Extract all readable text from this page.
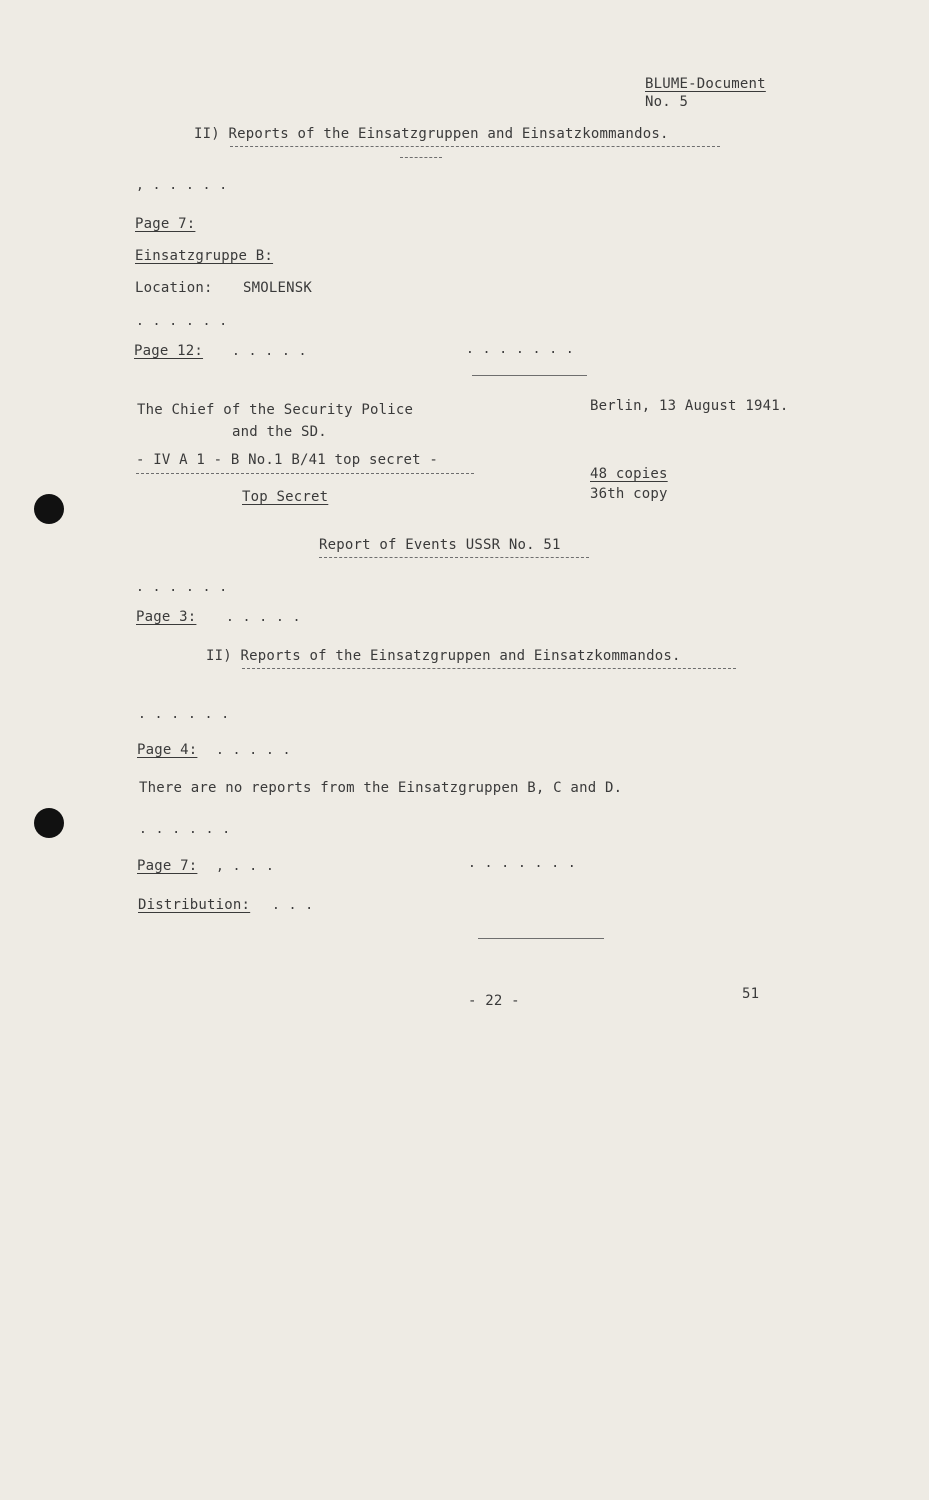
BLUME-Document
No. 5
II) Reports of the Einsatzgruppen and Einsatzkommandos.
, . . . . .
Page 7:
Einsatzgruppe B:
Location: SMOLENSK
. . . . . .
Page 12: . . . . .	. . . . . . .
The Chief of the Security Police
and the SD.
Berlin, 13 August 1941.
- IV A 1 - B No.1 B/41 top secret -
48 copies
36th copy
Top Secret
Report of Events USSR No. 51
. . . . . .
Page 3: . . . . .
II) Reports of the Einsatzgruppen and Einsatzkommandos.
. . . . . .
Page 4: . . . . .
There are no reports from the Einsatzgruppen B, C and D.
. . . . . .
Page 7: , . . .	. . . . . . .
Distribution: . . .
- 22 -	51
